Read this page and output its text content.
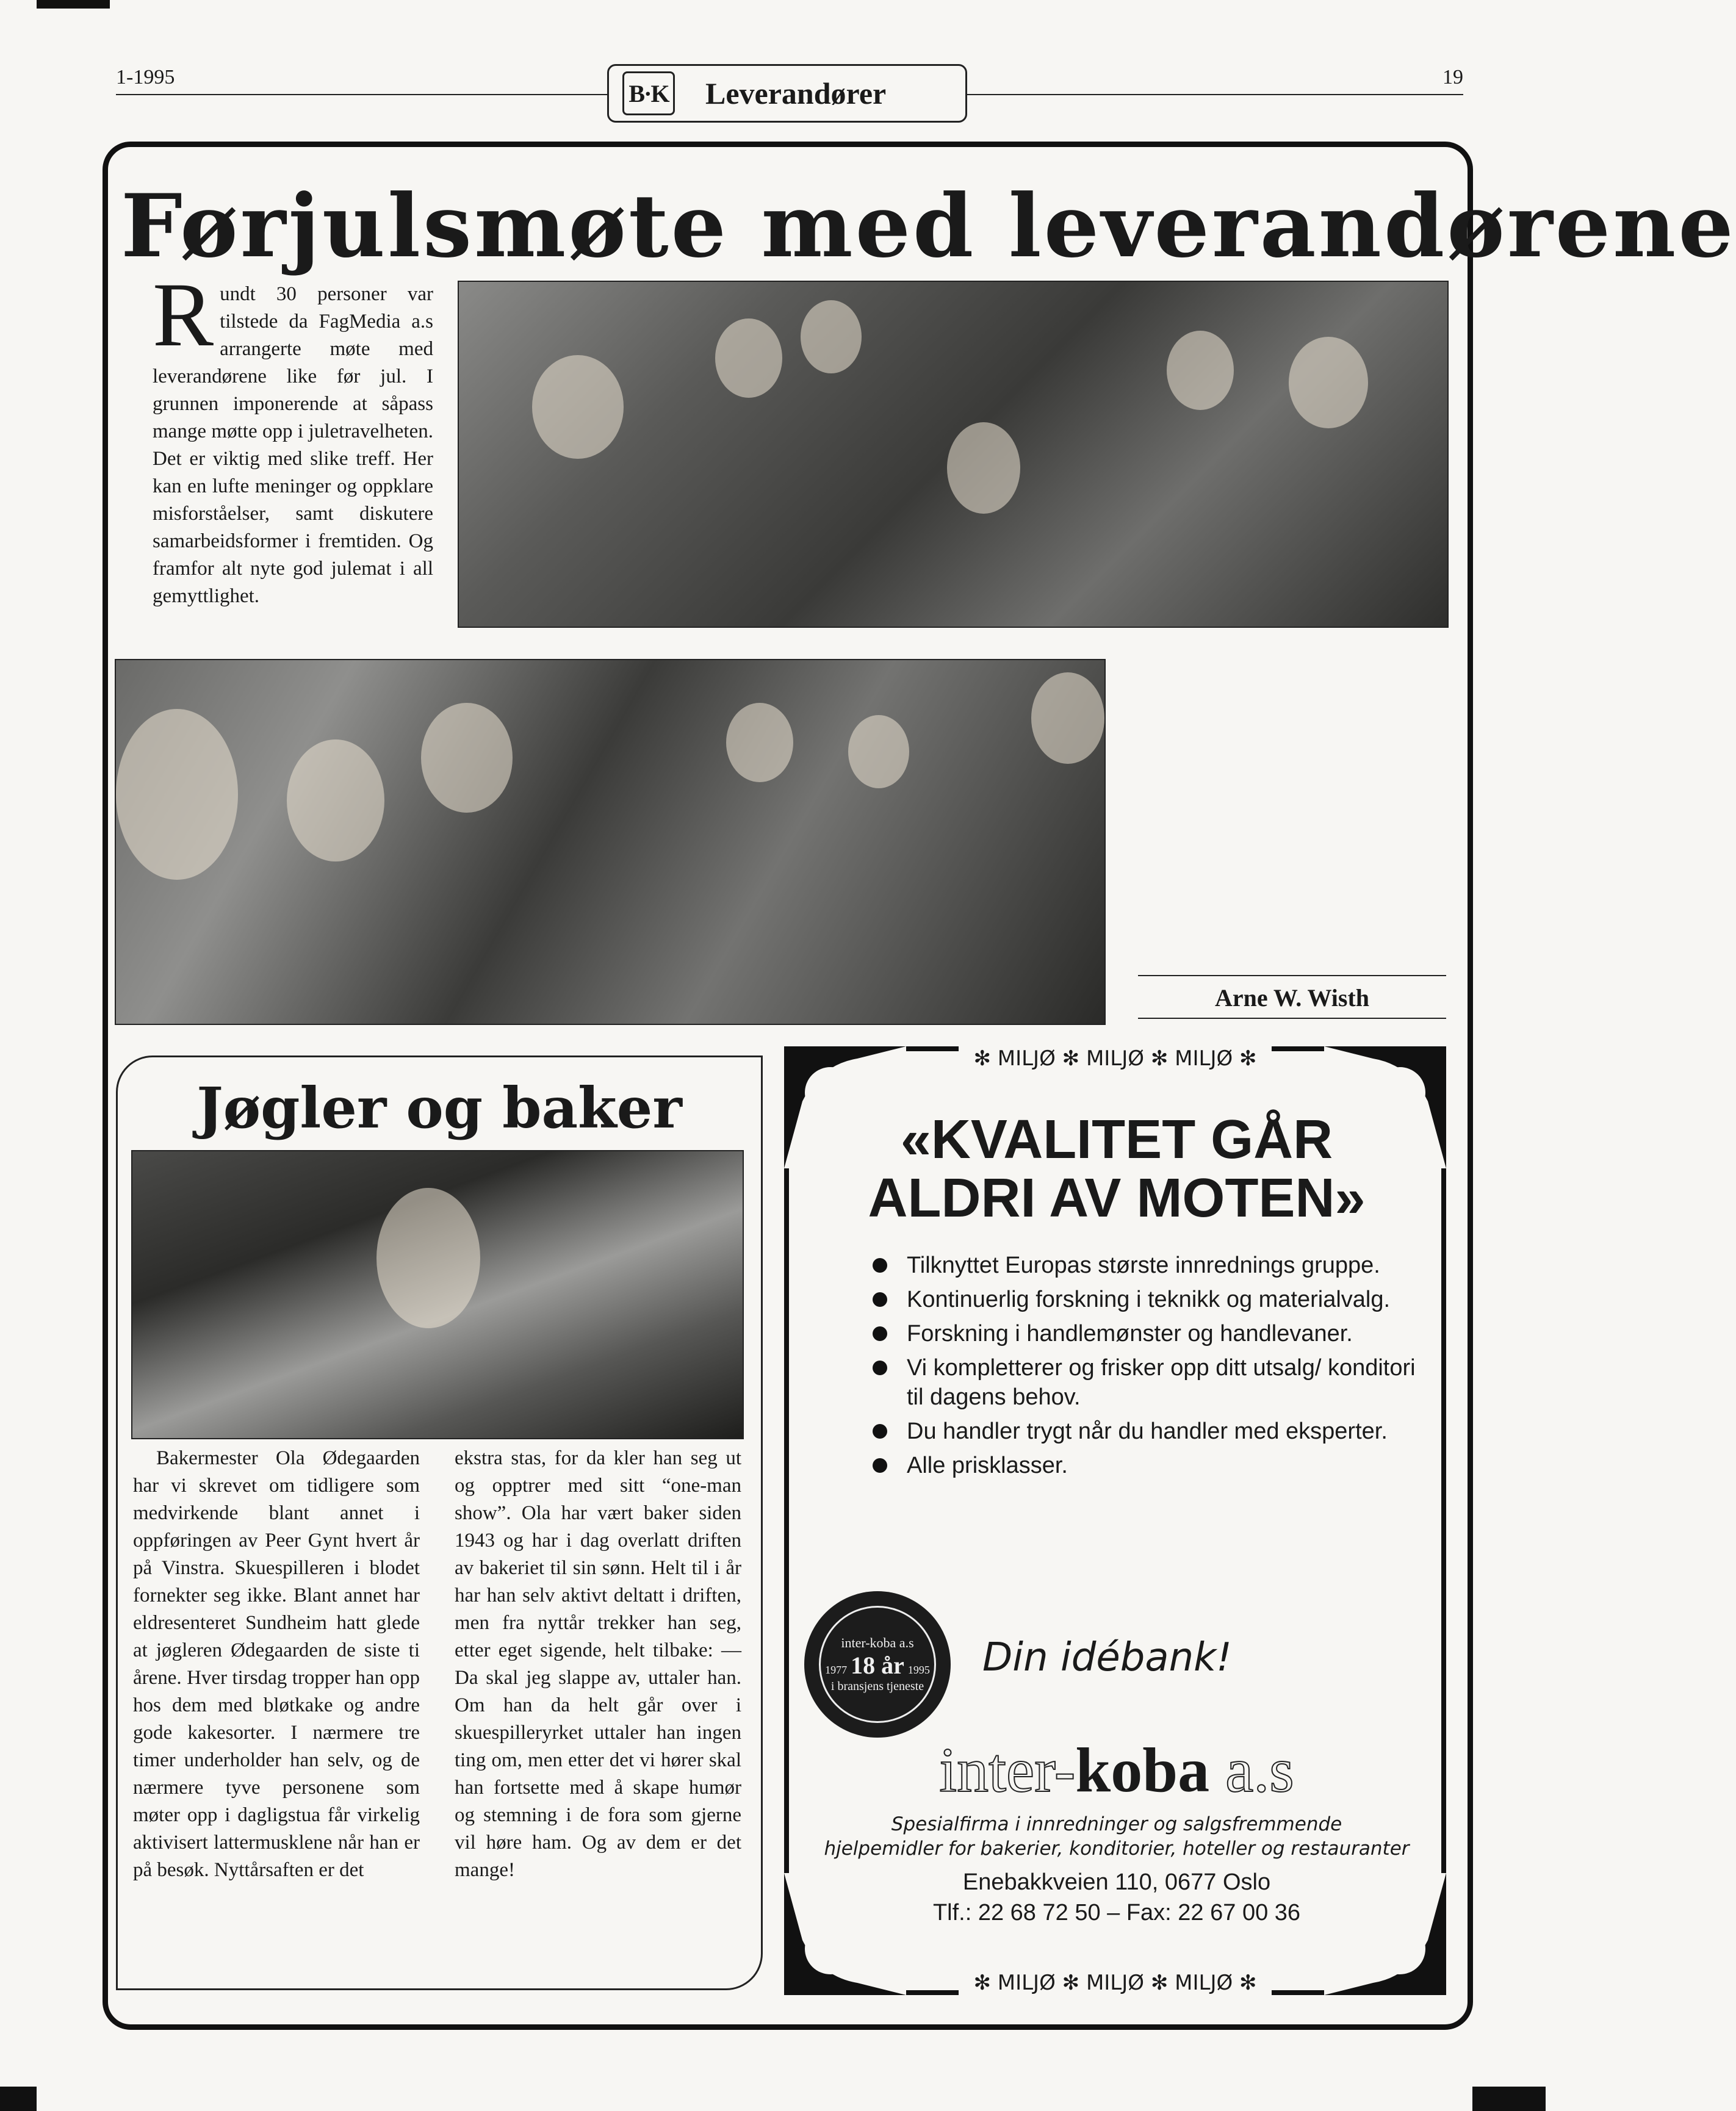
1-1995	19
B·K Leverandører
Førjulsmøte med leverandørene
R undt 30 personer var tilstede da FagMedia a.s arrangerte møte med leverandørene like før jul. I grunnen imponerende at såpass mange møtte opp i juletravelheten. Det er viktig med slike treff. Her kan en lufte meninger og oppklare misforståelser, samt diskutere samarbeidsformer i fremtiden. Og framfor alt nyte god julemat i all gemyttlighet.
Arne W. Wisth
Jøgler og baker
Bakermester Ola Ødegaarden har vi skrevet om tidligere som medvirkende blant annet i oppføringen av Peer Gynt hvert år på Vinstra. Skuespilleren i blodet fornekter seg ikke. Blant annet har eldresenteret Sundheim hatt glede at jøgleren Ødegaarden de siste ti årene. Hver tirsdag tropper han opp hos dem med bløtkake og andre gode kakesorter. I nærmere tre timer underholder han selv, og de nærmere tyve personene som møter opp i dagligstua får virkelig aktivisert lattermusklene når han er på besøk. Nyttårsaften er det
ekstra stas, for da kler han seg ut og opptrer med sitt “one-man show”. Ola har vært baker siden 1943 og har i dag overlatt driften av bakeriet til sin sønn. Helt til i år har han selv aktivt deltatt i driften, men fra nyttår trekker han seg, etter eget sigende, helt tilbake: — Da skal jeg slappe av, uttaler han. Om han da helt går over i skuespilleryrket uttaler han ingen ting om, men etter det vi hører skal han fortsette med å skape humør og stemning i de fora som gjerne vil høre ham. Og av dem er det mange!
✻ MILJØ ✻ MILJØ ✻ MILJØ ✻
«KVALITET GÅR
ALDRI AV MOTEN»
Tilknyttet Europas største innrednings gruppe.
Kontinuerlig forskning i teknikk og materialvalg.
Forskning i handlemønster og handlevaner.
Vi kompletterer og frisker opp ditt utsalg/ konditori til dagens behov.
Du handler trygt når du handler med eksperter.
Alle prisklasser.
inter-koba a.s
1977 18 år 1995
i bransjens tjeneste
Din idébank!
inter-koba a.s
Spesialfirma i innredninger og salgsfremmende
hjelpemidler for bakerier, konditorier, hoteller og restauranter
Enebakkveien 110, 0677 Oslo
Tlf.: 22 68 72 50 – Fax: 22 67 00 36
✻ MILJØ ✻ MILJØ ✻ MILJØ ✻
